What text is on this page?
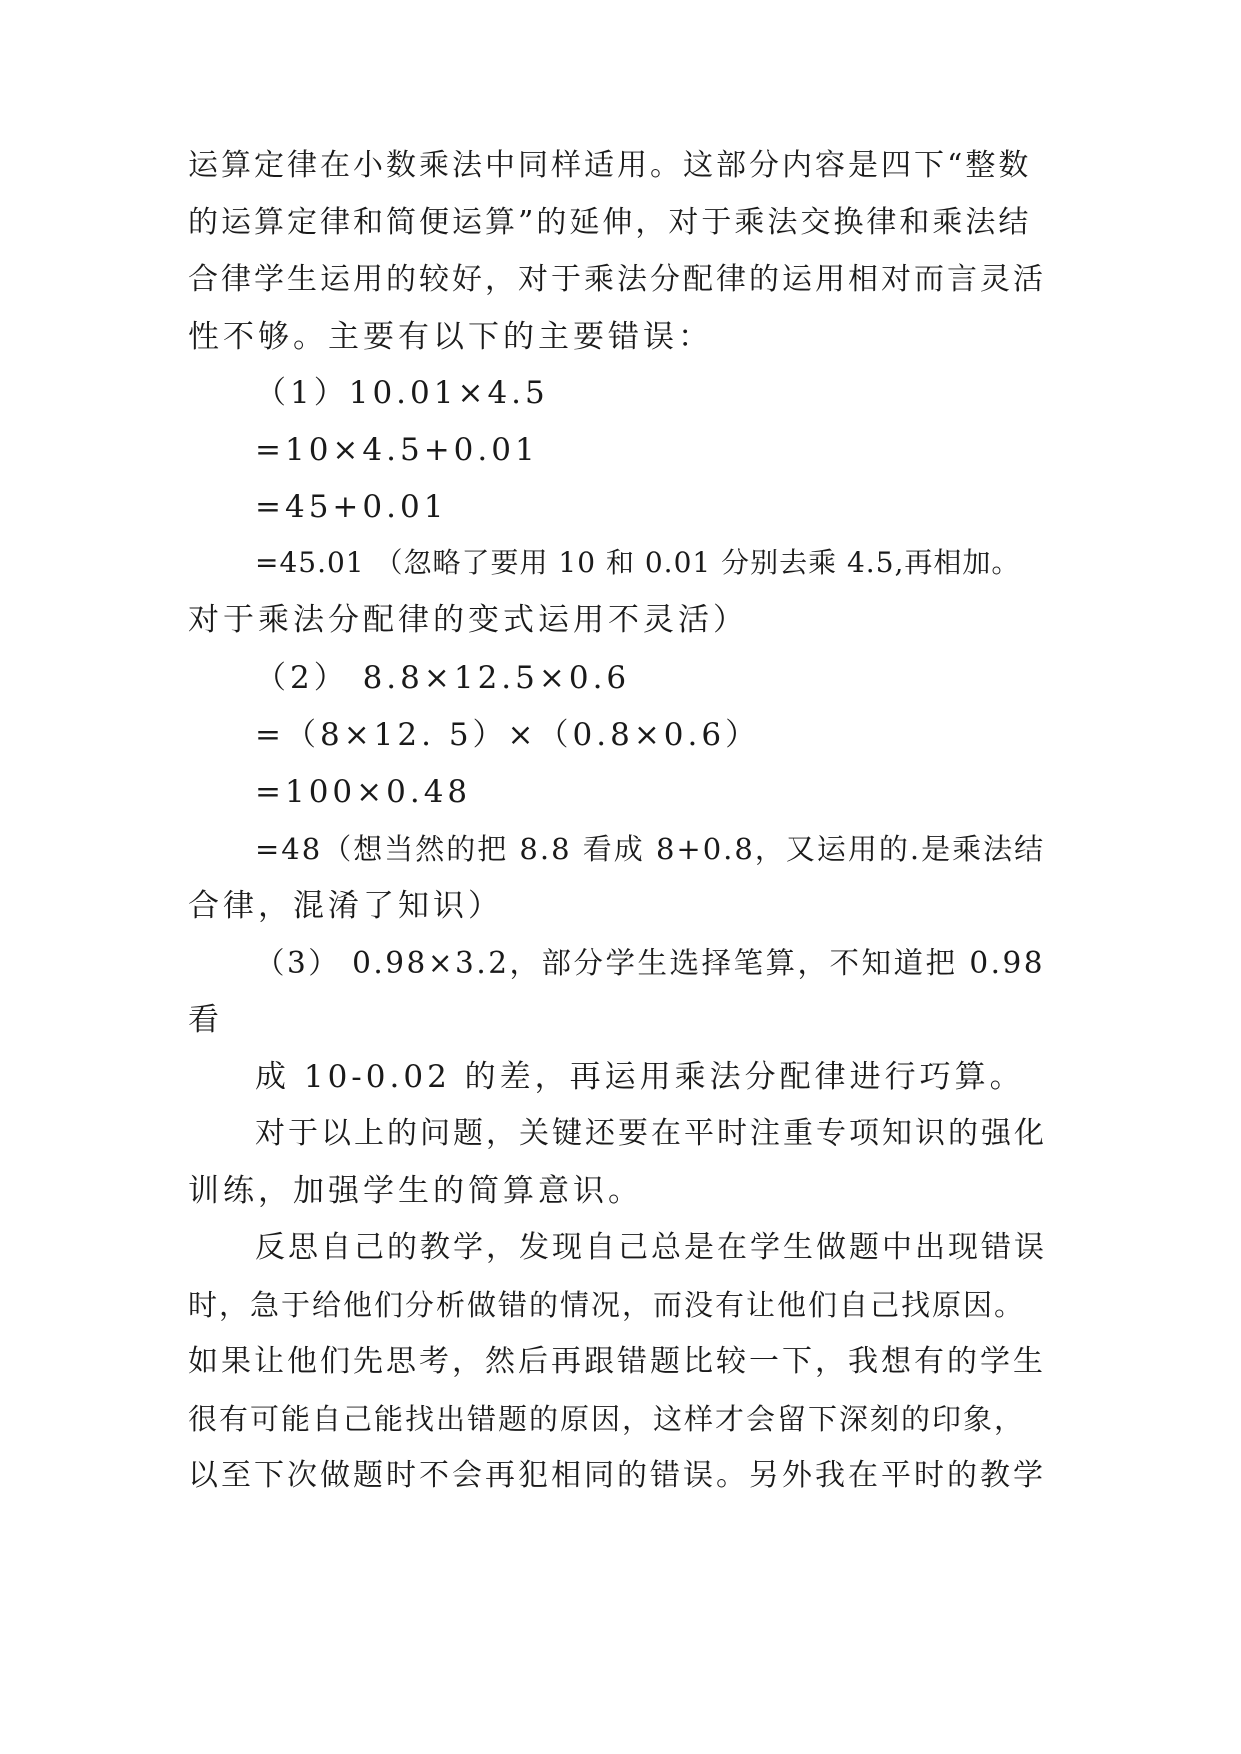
运算定律在小数乘法中同样适用。这部分内容是四下“整数
的运算定律和简便运算”的延伸，对于乘法交换律和乘法结
合律学生运用的较好，对于乘法分配律的运用相对而言灵活
性不够。主要有以下的主要错误：
（1）10.01×4.5
=10×4.5+0.01
=45+0.01
=45.01 （忽略了要用 10 和 0.01 分别去乘 4.5,再相加。
对于乘法分配律的变式运用不灵活）
（2） 8.8×12.5×0.6
=（8×12. 5）×（0.8×0.6）
=100×0.48
=48（想当然的把 8.8 看成 8+0.8，又运用的.是乘法结
合律，混淆了知识）
（3） 0.98×3.2，部分学生选择笔算，不知道把 0.98
看
成 10-0.02 的差，再运用乘法分配律进行巧算。
对于以上的问题，关键还要在平时注重专项知识的强化
训练，加强学生的简算意识。
反思自己的教学，发现自己总是在学生做题中出现错误
时，急于给他们分析做错的情况，而没有让他们自己找原因。
如果让他们先思考，然后再跟错题比较一下，我想有的学生
很有可能自己能找出错题的原因，这样才会留下深刻的印象，
以至下次做题时不会再犯相同的错误。另外我在平时的教学
